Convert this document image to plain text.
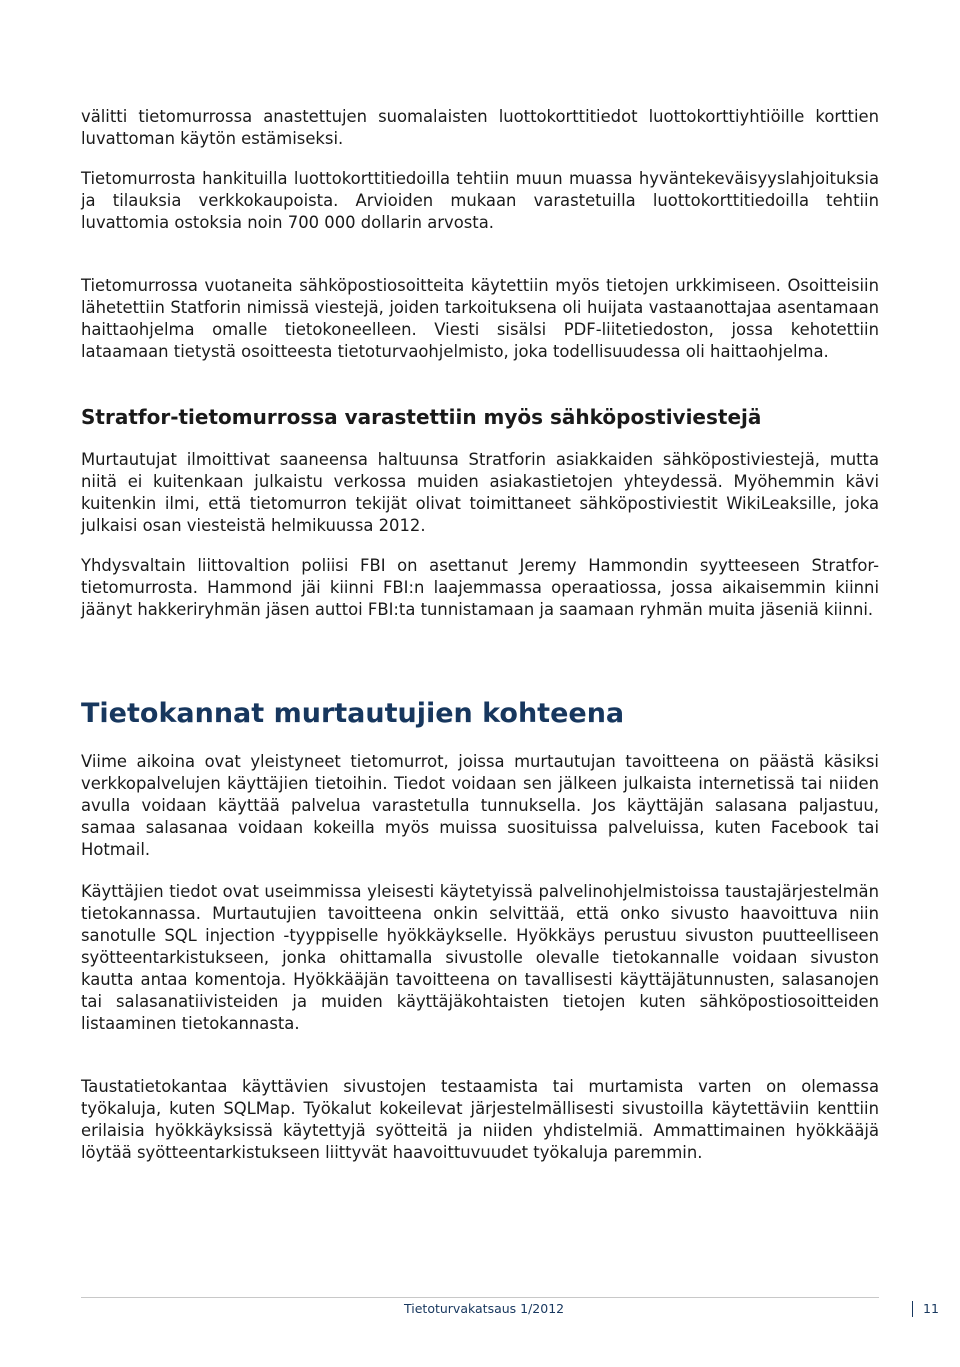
välitti tietomurrossa anastettujen suomalaisten luottokorttitiedot luottokorttiyhtiöille korttien luvattoman käytön estämiseksi.

Tietomurrosta hankituilla luottokorttitiedoilla tehtiin muun muassa hyväntekeväisyyslahjoituksia ja tilauksia verkkokaupoista. Arvioiden mukaan varastetuilla luottokorttitiedoilla tehtiin luvattomia ostoksia noin 700 000 dollarin arvosta.

Tietomurrossa vuotaneita sähköpostiosoitteita käytettiin myös tietojen urkkimiseen. Osoitteisiin lähetettiin Statforin nimissä viestejä, joiden tarkoituksena oli huijata vastaanottajaa asentamaan haittaohjelma omalle tietokoneelleen. Viesti sisälsi PDF-liitetiedoston, jossa kehotettiin lataamaan tietystä osoitteesta tietoturvaohjelmisto, joka todellisuudessa oli haittaohjelma.

Stratfor-tietomurrossa varastettiin myös sähköpostiviestejä

Murtautujat ilmoittivat saaneensa haltuunsa Stratforin asiakkaiden sähköpostiviestejä, mutta niitä ei kuitenkaan julkaistu verkossa muiden asiakastietojen yhteydessä. Myöhemmin kävi kuitenkin ilmi, että tietomurron tekijät olivat toimittaneet sähköpostiviestit WikiLeaksille, joka julkaisi osan viesteistä helmikuussa 2012.

Yhdysvaltain liittovaltion poliisi FBI on asettanut Jeremy Hammondin syytteeseen Stratfor-tietomurrosta. Hammond jäi kiinni FBI:n laajemmassa operaatiossa, jossa aikaisemmin kiinni jäänyt hakkeriryhmän jäsen auttoi FBI:ta tunnistamaan ja saamaan ryhmän muita jäseniä kiinni.

Tietokannat murtautujien kohteena

Viime aikoina ovat yleistyneet tietomurrot, joissa murtautujan tavoitteena on päästä käsiksi verkkopalvelujen käyttäjien tietoihin. Tiedot voidaan sen jälkeen julkaista internetissä tai niiden avulla voidaan käyttää palvelua varastetulla tunnuksella. Jos käyttäjän salasana paljastuu, samaa salasanaa voidaan kokeilla myös muissa suosituissa palveluissa, kuten Facebook tai Hotmail.

Käyttäjien tiedot ovat useimmissa yleisesti käytetyissä palvelinohjelmistoissa taustajärjestelmän tietokannassa. Murtautujien tavoitteena onkin selvittää, että onko sivusto haavoittuva niin sanotulle SQL injection -tyyppiselle hyökkäykselle. Hyökkäys perustuu sivuston puutteelliseen syötteentarkistukseen, jonka ohittamalla sivustolle olevalle tietokannalle voidaan sivuston kautta antaa komentoja. Hyökkääjän tavoitteena on tavallisesti käyttäjätunnusten, salasanojen tai salasanatiivisteiden ja muiden käyttäjäkohtaisten tietojen kuten sähköpostiosoitteiden listaaminen tietokannasta.

Taustatietokantaa käyttävien sivustojen testaamista tai murtamista varten on olemassa työkaluja, kuten SQLMap. Työkalut kokeilevat järjestelmällisesti sivustoilla käytettäviin kenttiin erilaisia hyökkäyksissä käytettyjä syötteitä ja niiden yhdistelmiä. Ammattimainen hyökkääjä löytää syötteentarkistukseen liittyvät haavoittuvuudet työkaluja paremmin.

Tietoturvakatsaus 1/2012	11
